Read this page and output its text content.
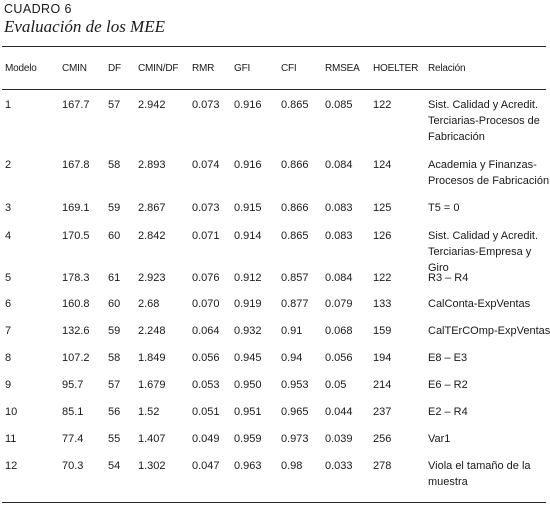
CUADRO 6
Evaluación de los MEE
Modelo	CMIN DF CMIN/DF RMR GFI	CFI	RMSEA HOELTER Relación
1	167.7 57 2.942 0.073 0.916 0.865 0.085 122	Sist. Calidad y Acredit. Terciarias-Procesos de Fabricación
2	167.8 58 2.893 0.074 0.916 0.866 0.084 124	Academia y Finanzas-Procesos de Fabricación
3	169.1 59 2.867 0.073 0.915 0.866 0.083 125	T5 = 0
4	170.5 60 2.842 0.071 0.914 0.865 0.083 126	Sist. Calidad y Acredit. Terciarias-Empresa y Giro
5	178.3 61 2.923 0.076 0.912 0.857 0.084 122	R3 – R4
6	160.8 60 2.68	0.070 0.919 0.877 0.079 133	CalConta-ExpVentas
7	132.6 59 2.248 0.064 0.932 0.91 0.068 159	CalTErCOmp-ExpVentas
8	107.2 58 1.849 0.056 0.945 0.94 0.056 194	E8 – E3
9	95.7 57 1.679 0.053 0.950 0.953 0.05 214	E6 – R2
10	85.1 56 1.52	0.051 0.951 0.965 0.044 237	E2 – R4
11	77.4 55 1.407 0.049 0.959 0.973 0.039 256	Var1
12	70.3 54 1.302 0.047 0.963 0.98 0.033 278	Viola el tamaño de la muestra
